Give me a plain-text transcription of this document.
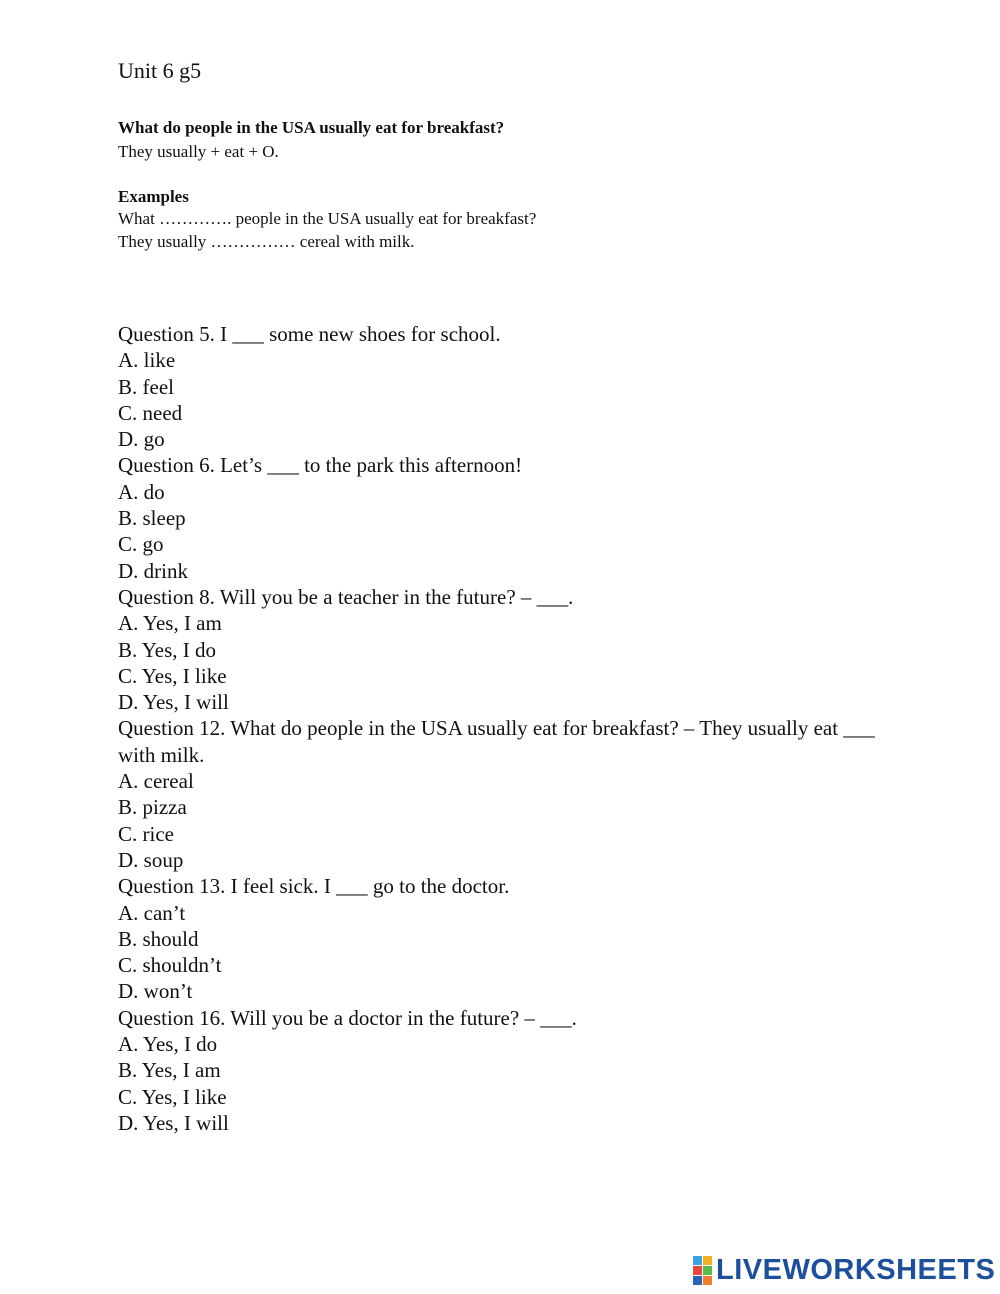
Unit 6 g5
What do people in the USA usually eat for breakfast?
They usually + eat + O.
Examples
What …………. people in the USA usually eat for breakfast?
They usually …………… cereal with milk.
Question 5. I ___ some new shoes for school.
A. like
B. feel
C. need
D. go
Question 6. Let’s ___ to the park this afternoon!
A. do
B. sleep
C. go
D. drink
Question 8. Will you be a teacher in the future? – ___.
A. Yes, I am
B. Yes, I do
C. Yes, I like
D. Yes, I will
Question 12. What do people in the USA usually eat for breakfast? – They usually eat ___ with milk.
A. cereal
B. pizza
C. rice
D. soup
Question 13. I feel sick. I ___ go to the doctor.
A. can’t
B. should
C. shouldn’t
D. won’t
Question 16. Will you be a doctor in the future? – ___.
A. Yes, I do
B. Yes, I am
C. Yes, I like
D. Yes, I will
LIVEWORKSHEETS
